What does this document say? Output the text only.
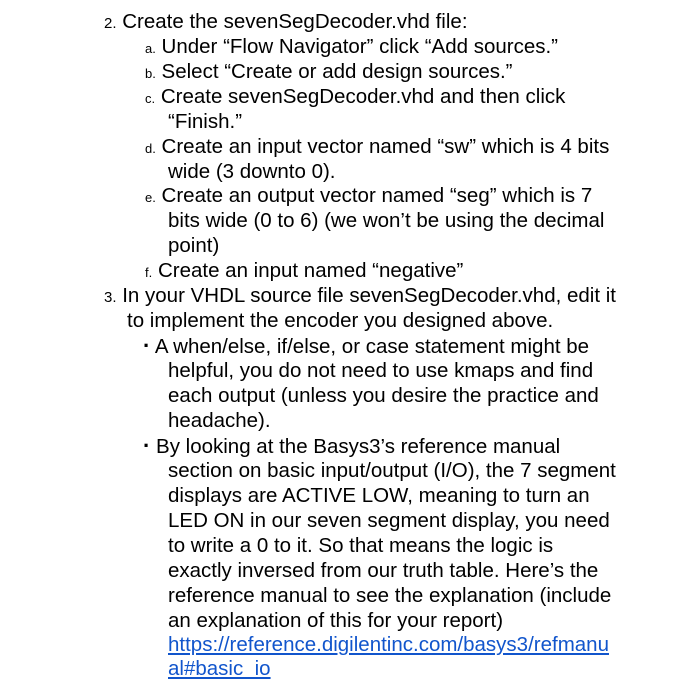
2. Create the sevenSegDecoder.vhd file:
a. Under “Flow Navigator” click “Add sources.”
b. Select “Create or add design sources.”
c. Create sevenSegDecoder.vhd and then click
“Finish.”
d. Create an input vector named “sw” which is 4 bits
wide (3 downto 0).
e. Create an output vector named “seg” which is 7
bits wide (0 to 6) (we won’t be using the decimal
point)
f. Create an input named “negative”
3. In your VHDL source file sevenSegDecoder.vhd, edit it
to implement the encoder you designed above.
· A when/else, if/else, or case statement might be
helpful, you do not need to use kmaps and find
each output (unless you desire the practice and
headache).
· By looking at the Basys3’s reference manual
section on basic input/output (I/O), the 7 segment
displays are ACTIVE LOW, meaning to turn an
LED ON in our seven segment display, you need
to write a 0 to it. So that means the logic is
exactly inversed from our truth table. Here’s the
reference manual to see the explanation (include
an explanation of this for your report)
https://reference.digilentinc.com/basys3/refmanu
al#basic_io
